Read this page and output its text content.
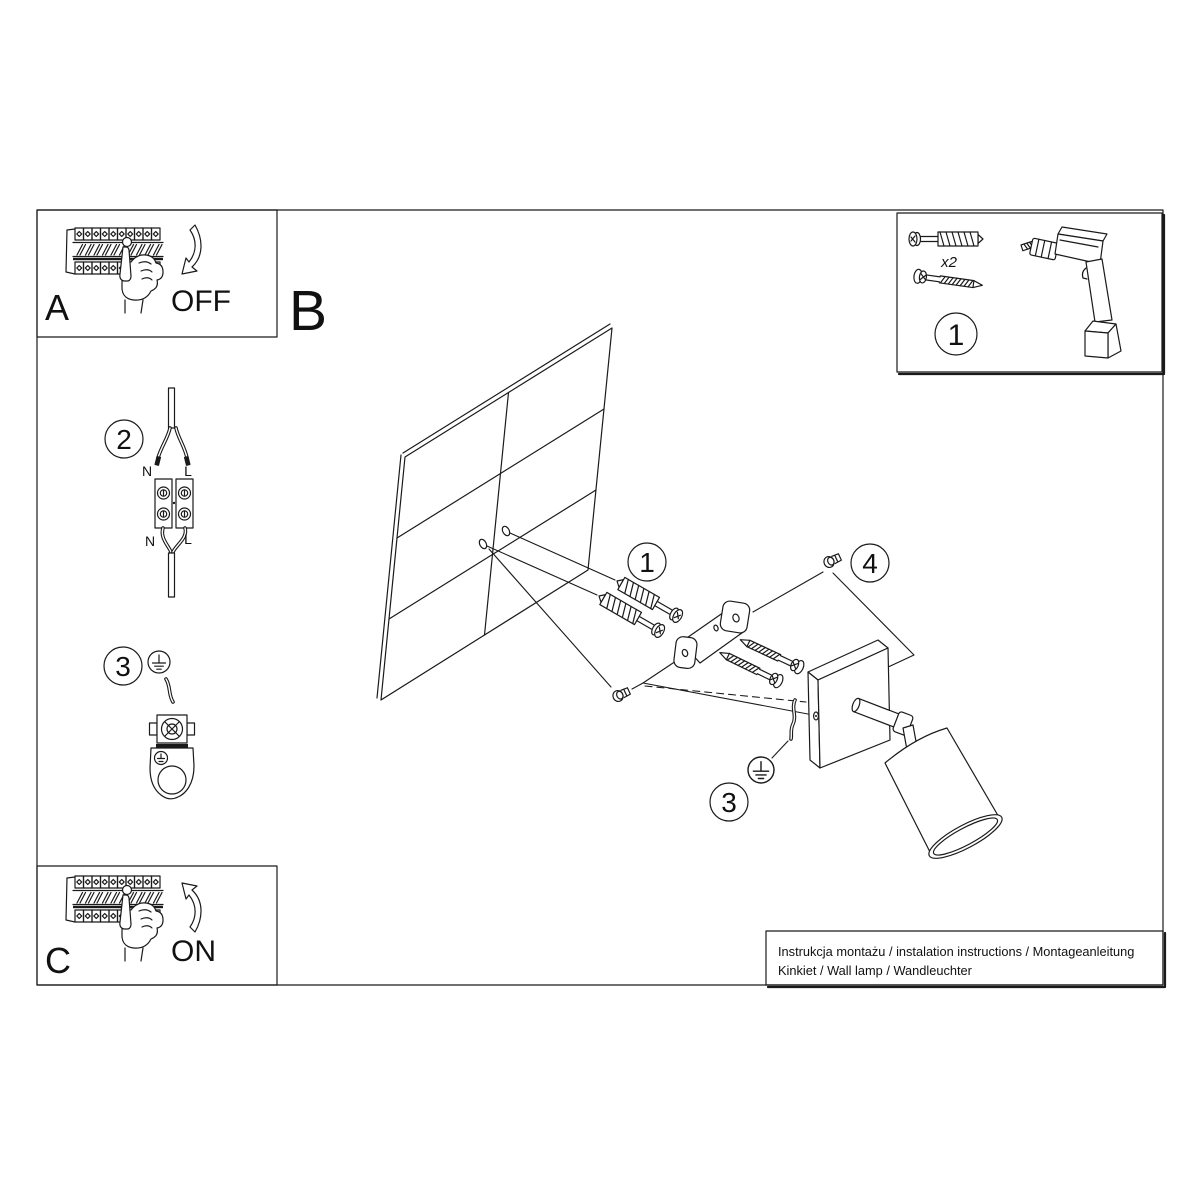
A	OFF B
C	ON
x2
1
2
N L
N L
3
1	4
3
Instrukcja montażu / instalation instructions / Montageanleitung
Kinkiet / Wall lamp / Wandleuchter
